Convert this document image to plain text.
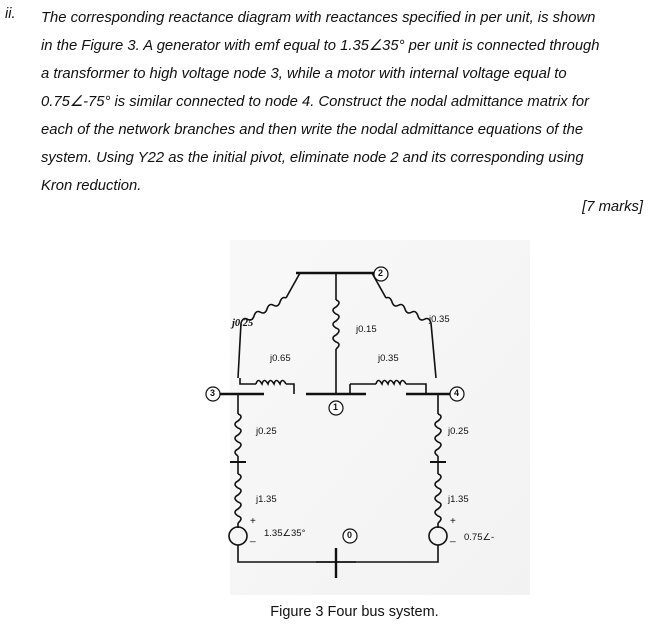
ii. The corresponding reactance diagram with reactances specified in per unit, is shown
in the Figure 3. A generator with emf equal to 1.35∠35° per unit is connected through
a transformer to high voltage node 3, while a motor with internal voltage equal to
0.75∠-75° is similar connected to node 4. Construct the nodal admittance matrix for
each of the network branches and then write the nodal admittance equations of the
system. Using Y22 as the initial pivot, eliminate node 2 and its corresponding using
Kron reduction.
[7 marks]
2
3
1
4
0
j0.25
j0.15
j0.35
j0.65	j0.35
j0.25	j0.25
j1.35	j1.35
1.35∠35°	0.75∠-
+
_
+
_
Figure 3 Four bus system.
